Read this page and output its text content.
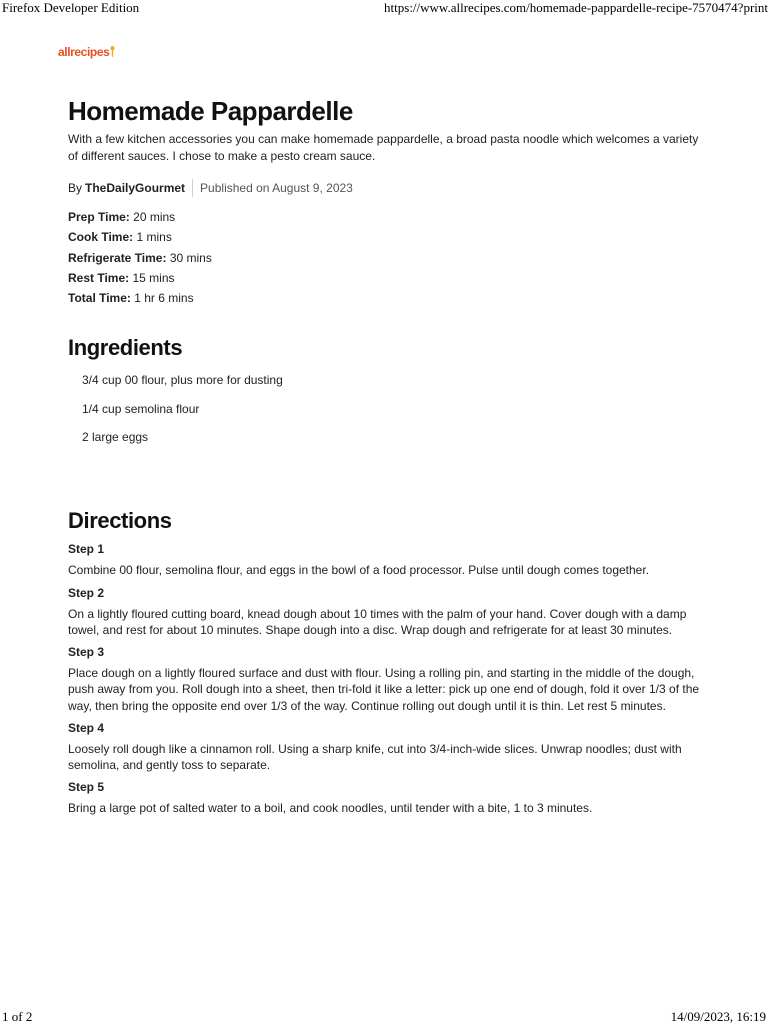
Firefox Developer Edition	https://www.allrecipes.com/homemade-pappardelle-recipe-7570474?print
allrecipes
Homemade Pappardelle

With a few kitchen accessories you can make homemade pappardelle, a broad pasta noodle which welcomes a variety of different sauces. I chose to make a pesto cream sauce.

By TheDailyGourmet Published on August 9, 2023
Prep Time: 20 mins
Cook Time: 1 mins
Refrigerate Time: 30 mins
Rest Time: 15 mins
Total Time: 1 hr 6 mins
Ingredients
3/4 cup 00 flour, plus more for dusting
1/4 cup semolina flour
2 large eggs
Directions
Step 1
Combine 00 flour, semolina flour, and eggs in the bowl of a food processor. Pulse until dough comes together.
Step 2
On a lightly floured cutting board, knead dough about 10 times with the palm of your hand. Cover dough with a damp towel, and rest for about 10 minutes. Shape dough into a disc. Wrap dough and refrigerate for at least 30 minutes.
Step 3
Place dough on a lightly floured surface and dust with flour. Using a rolling pin, and starting in the middle of the dough, push away from you. Roll dough into a sheet, then tri-fold it like a letter: pick up one end of dough, fold it over 1/3 of the way, then bring the opposite end over 1/3 of the way. Continue rolling out dough until it is thin. Let rest 5 minutes.
Step 4
Loosely roll dough like a cinnamon roll. Using a sharp knife, cut into 3/4-inch-wide slices. Unwrap noodles; dust with semolina, and gently toss to separate.
Step 5
Bring a large pot of salted water to a boil, and cook noodles, until tender with a bite, 1 to 3 minutes.
1 of 2	14/09/2023, 16:19
